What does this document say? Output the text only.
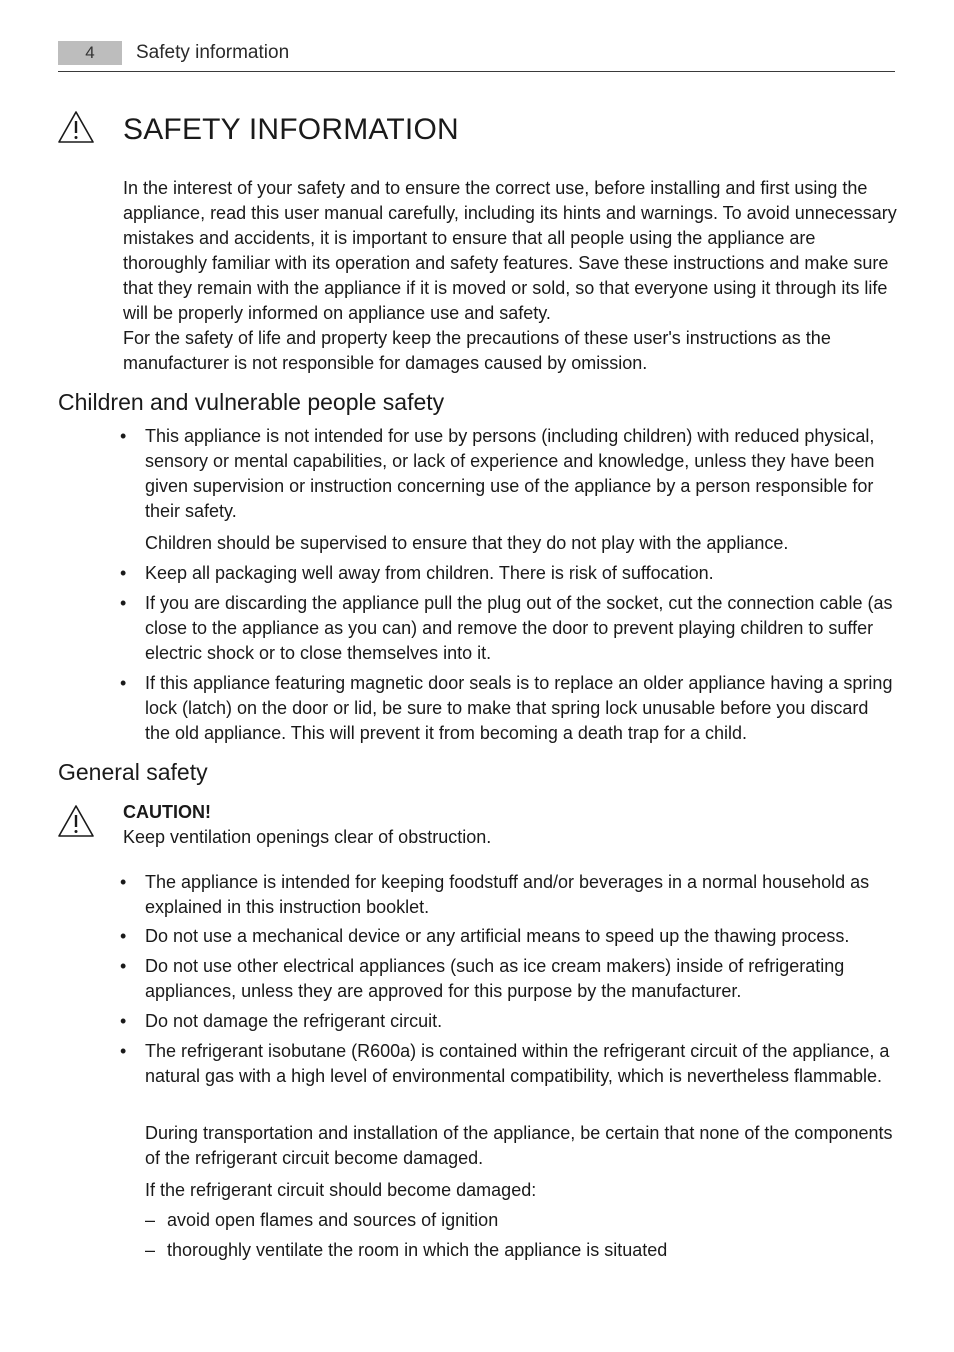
4	Safety information
SAFETY INFORMATION

In the interest of your safety and to ensure the correct use, before installing and first using the appliance, read this user manual carefully, including its hints and warnings. To avoid unnecessary mistakes and accidents, it is important to ensure that all people using the appliance are thoroughly familiar with its operation and safety features. Save these instructions and make sure that they remain with the appliance if it is moved or sold, so that everyone using it through its life will be properly informed on appliance use and safety.

For the safety of life and property keep the precautions of these user's instructions as the manufacturer is not responsible for damages caused by omission.

Children and vulnerable people safety
•	This appliance is not intended for use by persons (including children) with reduced physical, sensory or mental capabilities, or lack of experience and knowledge, unless they have been given supervision or instruction concerning use of the appliance by a person responsible for their safety.

Children should be supervised to ensure that they do not play with the appliance.

•	Keep all packaging well away from children. There is risk of suffocation.
•	If you are discarding the appliance pull the plug out of the socket, cut the connection cable (as close to the appliance as you can) and remove the door to prevent playing children to suffer electric shock or to close themselves into it.
•	If this appliance featuring magnetic door seals is to replace an older appliance having a spring lock (latch) on the door or lid, be sure to make that spring lock unusable before you discard the old appliance. This will prevent it from becoming a death trap for a child.
General safety
CAUTION!

Keep ventilation openings clear of obstruction.

•	The appliance is intended for keeping foodstuff and/or beverages in a normal household as explained in this instruction booklet.
•	Do not use a mechanical device or any artificial means to speed up the thawing process.
•	Do not use other electrical appliances (such as ice cream makers) inside of refrigerating appliances, unless they are approved for this purpose by the manufacturer.
•	Do not damage the refrigerant circuit.
•	The refrigerant isobutane (R600a) is contained within the refrigerant circuit of the appliance, a natural gas with a high level of environmental compatibility, which is nevertheless flammable.

During transportation and installation of the appliance, be certain that none of the components of the refrigerant circuit become damaged.

If the refrigerant circuit should become damaged:

– avoid open flames and sources of ignition
– thoroughly ventilate the room in which the appliance is situated
